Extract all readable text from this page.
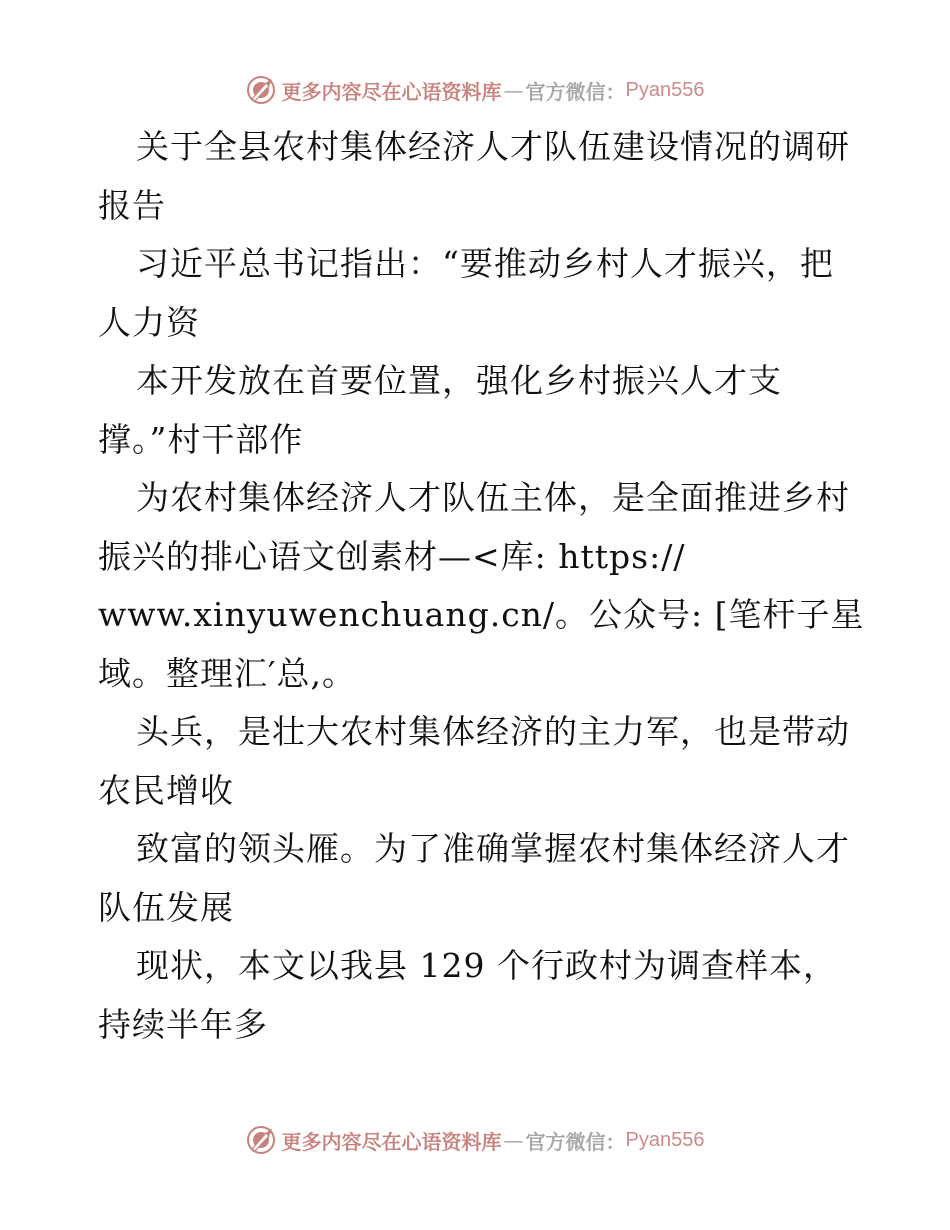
更多内容尽在心语资料库 — 官方微信： Pyan556
关于全县农村集体经济人才队伍建设情况的调研
报告
习近平总书记指出：“要推动乡村人才振兴，把
人力资
本开发放在首要位置，强化乡村振兴人才支
撑。”村干部作
为农村集体经济人才队伍主体，是全面推进乡村
振兴的排心语文创素材—<库: https://
www.xinyuwenchuang.cn/。公众号: [笔杆子星
域。整理汇′总,。
头兵，是壮大农村集体经济的主力军，也是带动
农民增收
致富的领头雁。为了准确掌握农村集体经济人才
队伍发展
现状，本文以我县 129 个行政村为调查样本，
持续半年多
更多内容尽在心语资料库 — 官方微信： Pyan556
